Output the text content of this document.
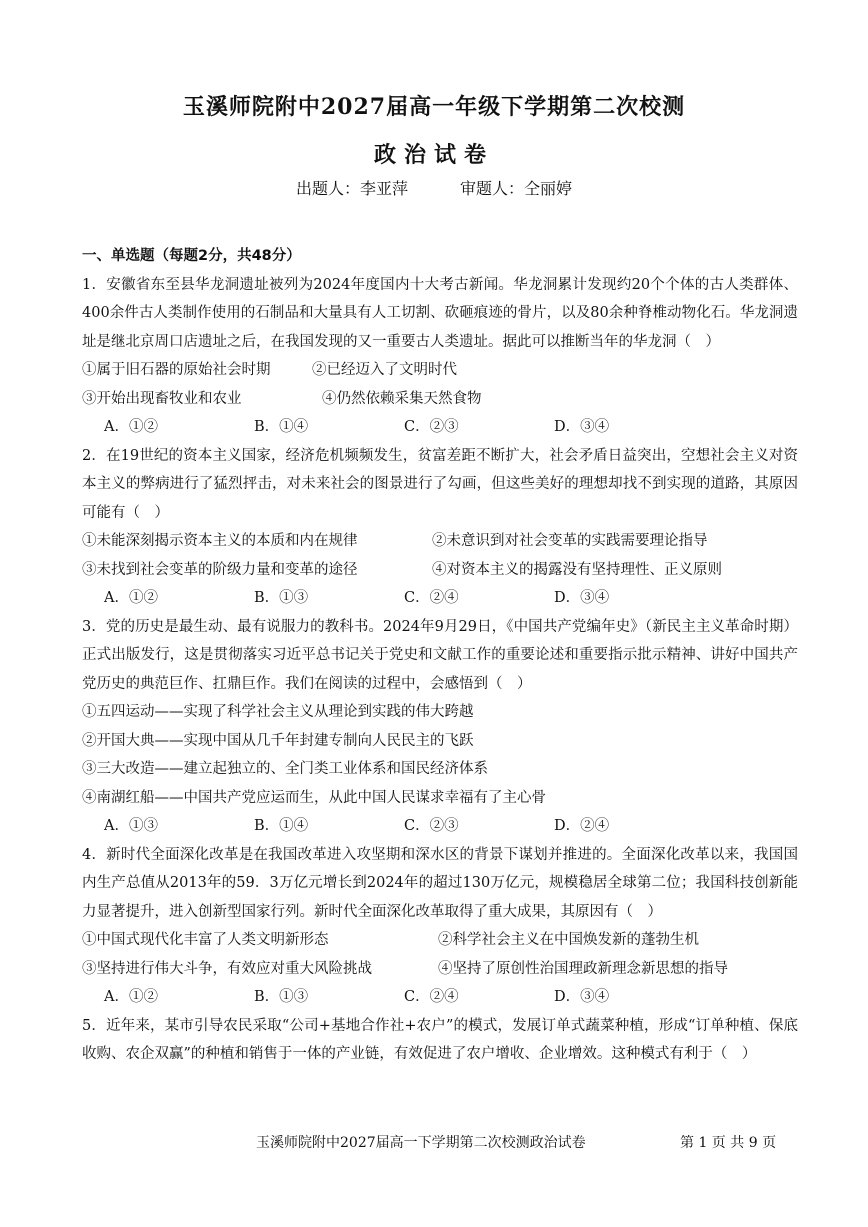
玉溪师院附中2027届高一年级下学期第二次校测
政治试卷
出题人：李亚萍	审题人：仝丽婷
一、单选题（每题2分，共48分）

1．安徽省东至县华龙洞遗址被列为2024年度国内十大考古新闻。华龙洞累计发现约20个个体的古人类群体、400余件古人类制作使用的石制品和大量具有人工切割、砍砸痕迹的骨片，以及80余种脊椎动物化石。华龙洞遗址是继北京周口店遗址之后，在我国发现的又一重要古人类遗址。据此可以推断当年的华龙洞（　）

①属于旧石器的原始社会时期	②已经迈入了文明时代
③开始出现畜牧业和农业	④仍然依赖采集天然食物
A．①②	B．①④	C．②③	D．③④

2．在19世纪的资本主义国家，经济危机频频发生，贫富差距不断扩大，社会矛盾日益突出，空想社会主义对资本主义的弊病进行了猛烈抨击，对未来社会的图景进行了勾画，但这些美好的理想却找不到实现的道路，其原因可能有（　）

①未能深刻揭示资本主义的本质和内在规律	②未意识到对社会变革的实践需要理论指导
③未找到社会变革的阶级力量和变革的途径	④对资本主义的揭露没有坚持理性、正义原则
A．①②	B．①③	C．②④	D．③④

3．党的历史是最生动、最有说服力的教科书。2024年9月29日，《中国共产党编年史》（新民主主义革命时期）正式出版发行，这是贯彻落实习近平总书记关于党史和文献工作的重要论述和重要指示批示精神、讲好中国共产党历史的典范巨作、扛鼎巨作。我们在阅读的过程中，会感悟到（　）

①五四运动——实现了科学社会主义从理论到实践的伟大跨越

②开国大典——实现中国从几千年封建专制向人民民主的飞跃

③三大改造——建立起独立的、全门类工业体系和国民经济体系

④南湖红船——中国共产党应运而生，从此中国人民谋求幸福有了主心骨

A．①③	B．①④	C．②③	D．②④

4．新时代全面深化改革是在我国改革进入攻坚期和深水区的背景下谋划并推进的。全面深化改革以来，我国国内生产总值从2013年的59．3万亿元增长到2024年的超过130万亿元，规模稳居全球第二位；我国科技创新能力显著提升，进入创新型国家行列。新时代全面深化改革取得了重大成果，其原因有（　）

①中国式现代化丰富了人类文明新形态	②科学社会主义在中国焕发新的蓬勃生机
③坚持进行伟大斗争，有效应对重大风险挑战	④坚持了原创性治国理政新理念新思想的指导
A．①②	B．①③	C．②④	D．③④

5．近年来，某市引导农民采取“公司+基地合作社+农户”的模式，发展订单式蔬菜种植，形成“订单种植、保底收购、农企双赢”的种植和销售于一体的产业链，有效促进了农户增收、企业增效。这种模式有利于（　）

玉溪师院附中2027届高一下学期第二次校测政治试卷	第 1 页 共 9 页
